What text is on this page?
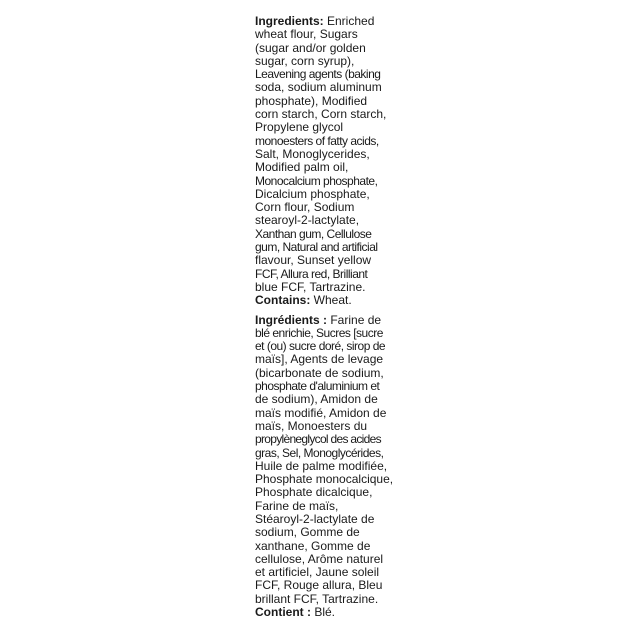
Ingredients: Enriched
wheat flour, Sugars
(sugar and/or golden
sugar, corn syrup),
Leavening agents (baking
soda, sodium aluminum
phosphate), Modified
corn starch, Corn starch,
Propylene glycol
monoesters of fatty acids,
Salt, Monoglycerides,
Modified palm oil,
Monocalcium phosphate,
Dicalcium phosphate,
Corn flour, Sodium
stearoyl-2-lactylate,
Xanthan gum, Cellulose
gum, Natural and artificial
flavour, Sunset yellow
FCF, Allura red, Brilliant
blue FCF, Tartrazine.
Contains: Wheat.
Ingrédients : Farine de
blé enrichie, Sucres [sucre
et (ou) sucre doré, sirop de
maïs], Agents de levage
(bicarbonate de sodium,
phosphate d'aluminium et
de sodium), Amidon de
maïs modifié, Amidon de
maïs, Monoesters du
propylèneglycol des acides
gras, Sel, Monoglycérides,
Huile de palme modifiée,
Phosphate monocalcique,
Phosphate dicalcique,
Farine de maïs,
Stéaroyl-2-lactylate de
sodium, Gomme de
xanthane, Gomme de
cellulose, Arôme naturel
et artificiel, Jaune soleil
FCF, Rouge allura, Bleu
brillant FCF, Tartrazine.
Contient : Blé.
